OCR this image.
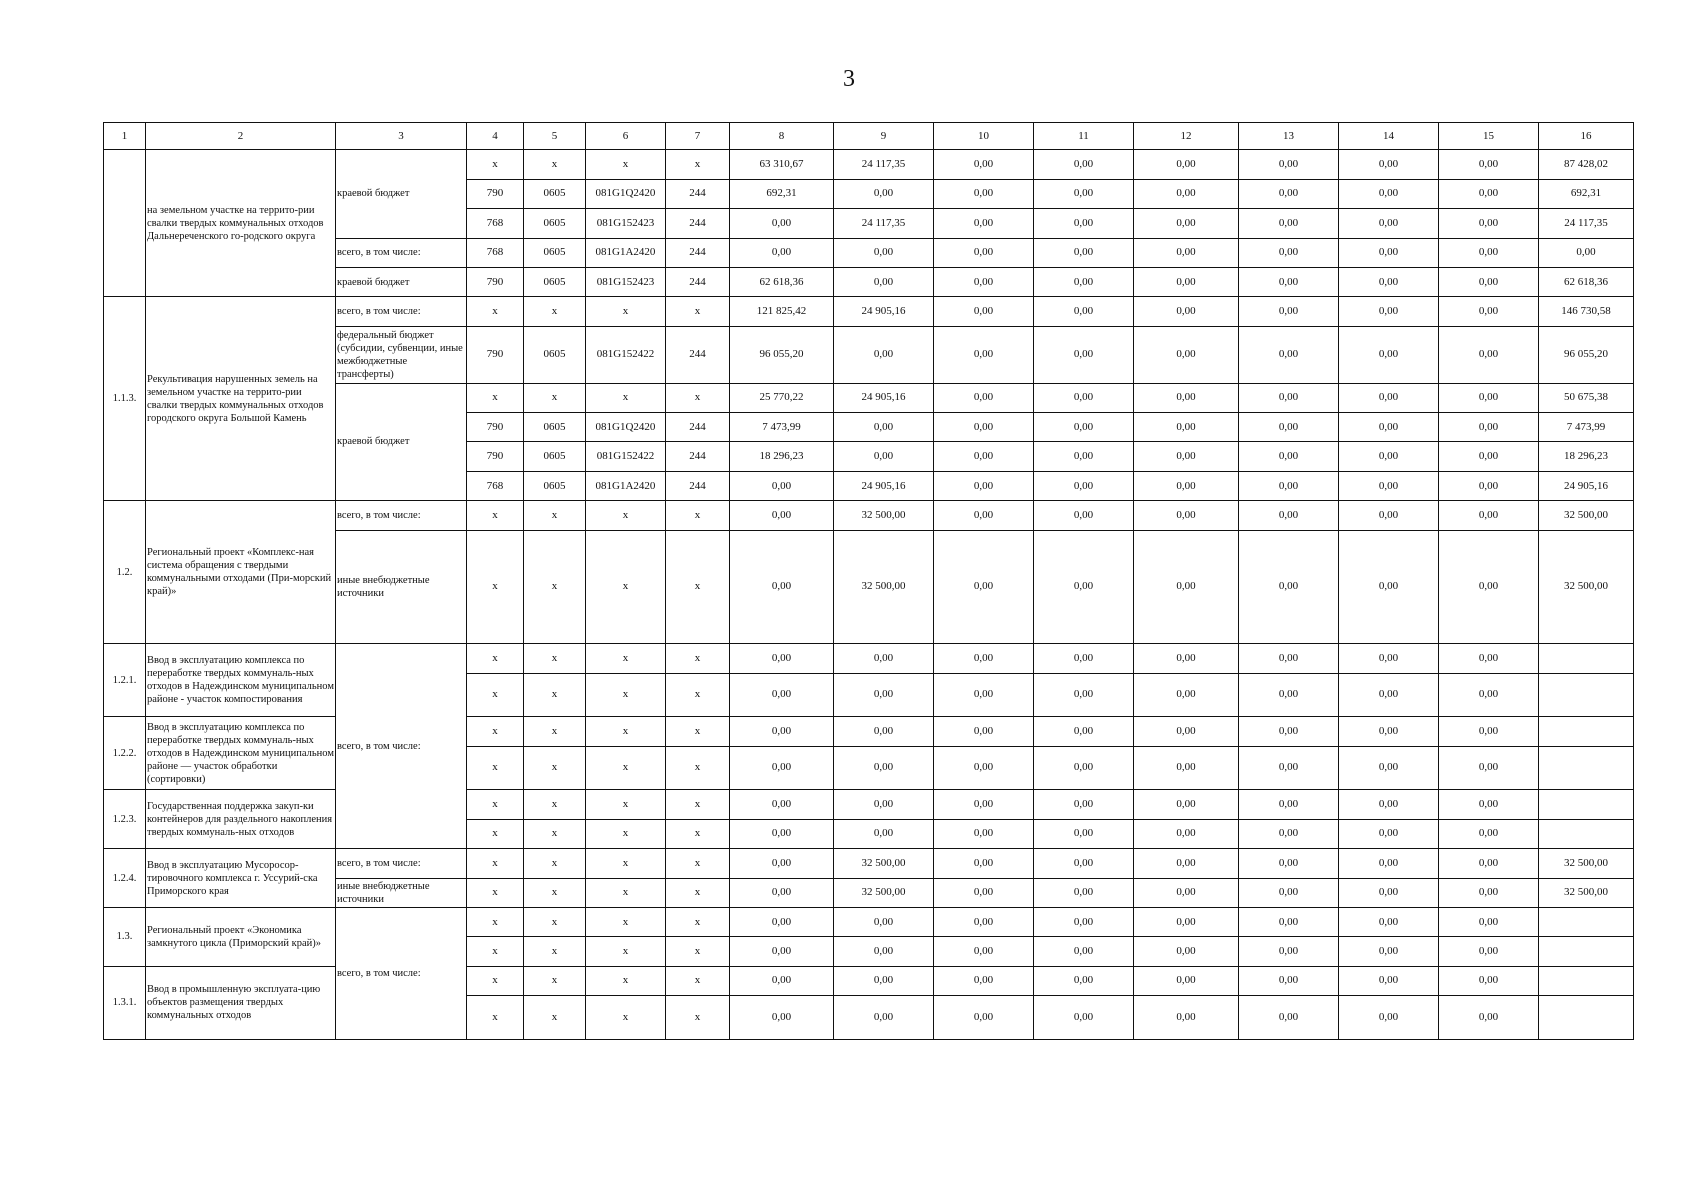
3
1	2	3	4	5	6	7	8	9	10	11	12	13	14	15	16
	на земельном участке на террито-рии свалки твердых коммунальных отходов Дальнереченского го-родского округа	краевой бюджет	x	x	x	x	63 310,67	24 117,35	0,00	0,00	0,00	0,00	0,00	0,00	87 428,02
			790	0605	081G1Q2420	244	692,31	0,00	0,00	0,00	0,00	0,00	0,00	0,00	692,31
			768	0605	081G152423	244	0,00	24 117,35	0,00	0,00	0,00	0,00	0,00	0,00	24 117,35
		всего, в том числе:	768	0605	081G1A2420	244	0,00	0,00	0,00	0,00	0,00	0,00	0,00	0,00	0,00
		краевой бюджет	790	0605	081G152423	244	62 618,36	0,00	0,00	0,00	0,00	0,00	0,00	0,00	62 618,36
1.1.3.	Рекультивация нарушенных земель на земельном участке на террито-рии свалки твердых коммунальных отходов городского округа Большой Камень	всего, в том числе:	x	x	x	x	121 825,42	24 905,16	0,00	0,00	0,00	0,00	0,00	0,00	146 730,58
		федеральный бюджет (субсидии, субвенции, иные межбюджетные трансферты)	790	0605	081G152422	244	96 055,20	0,00	0,00	0,00	0,00	0,00	0,00	0,00	96 055,20
		краевой бюджет	x	x	x	x	25 770,22	24 905,16	0,00	0,00	0,00	0,00	0,00	0,00	50 675,38
			790	0605	081G1Q2420	244	7 473,99	0,00	0,00	0,00	0,00	0,00	0,00	0,00	7 473,99
			790	0605	081G152422	244	18 296,23	0,00	0,00	0,00	0,00	0,00	0,00	0,00	18 296,23
			768	0605	081G1A2420	244	0,00	24 905,16	0,00	0,00	0,00	0,00	0,00	0,00	24 905,16
1.2.	Региональный проект «Комплекс-ная система обращения с твердыми коммунальными отходами (При-морский край)»	всего, в том числе:	x	x	x	x	0,00	32 500,00	0,00	0,00	0,00	0,00	0,00	0,00	32 500,00
		иные внебюджетные источники	x	x	x	x	0,00	32 500,00	0,00	0,00	0,00	0,00	0,00	0,00	32 500,00
1.2.1.	Ввод в эксплуатацию комплекса по переработке твердых коммуналь-ных отходов в Надеждинском муниципальном районе - участок компостирования	всего, в том числе:	x	x	x	x	0,00	0,00	0,00	0,00	0,00	0,00	0,00	0,00	
			x	x	x	x	0,00	0,00	0,00	0,00	0,00	0,00	0,00	0,00	
1.2.2.	Ввод в эксплуатацию комплекса по переработке твердых коммуналь-ных отходов в Надеждинском муниципальном районе — участок обработки (сортировки)		x	x	x	x	0,00	0,00	0,00	0,00	0,00	0,00	0,00	0,00	
			x	x	x	x	0,00	0,00	0,00	0,00	0,00	0,00	0,00	0,00	
1.2.3.	Государственная поддержка закуп-ки контейнеров для раздельного накопления твердых коммуналь-ных отходов		x	x	x	x	0,00	0,00	0,00	0,00	0,00	0,00	0,00	0,00	
			x	x	x	x	0,00	0,00	0,00	0,00	0,00	0,00	0,00	0,00	
1.2.4.	Ввод в эксплуатацию Мусоросор-тировочного комплекса г. Уссурий-ска Приморского края	всего, в том числе:	x	x	x	x	0,00	32 500,00	0,00	0,00	0,00	0,00	0,00	0,00	32 500,00
		иные внебюджетные источники	x	x	x	x	0,00	32 500,00	0,00	0,00	0,00	0,00	0,00	0,00	32 500,00
1.3.	Региональный проект «Экономика замкнутого цикла (Приморский край)»	всего, в том числе:	x	x	x	x	0,00	0,00	0,00	0,00	0,00	0,00	0,00	0,00	
			x	x	x	x	0,00	0,00	0,00	0,00	0,00	0,00	0,00	0,00	
1.3.1.	Ввод в промышленную эксплуата-цию объектов размещения твердых коммунальных отходов		x	x	x	x	0,00	0,00	0,00	0,00	0,00	0,00	0,00	0,00	
			x	x	x	x	0,00	0,00	0,00	0,00	0,00	0,00	0,00	0,00	
